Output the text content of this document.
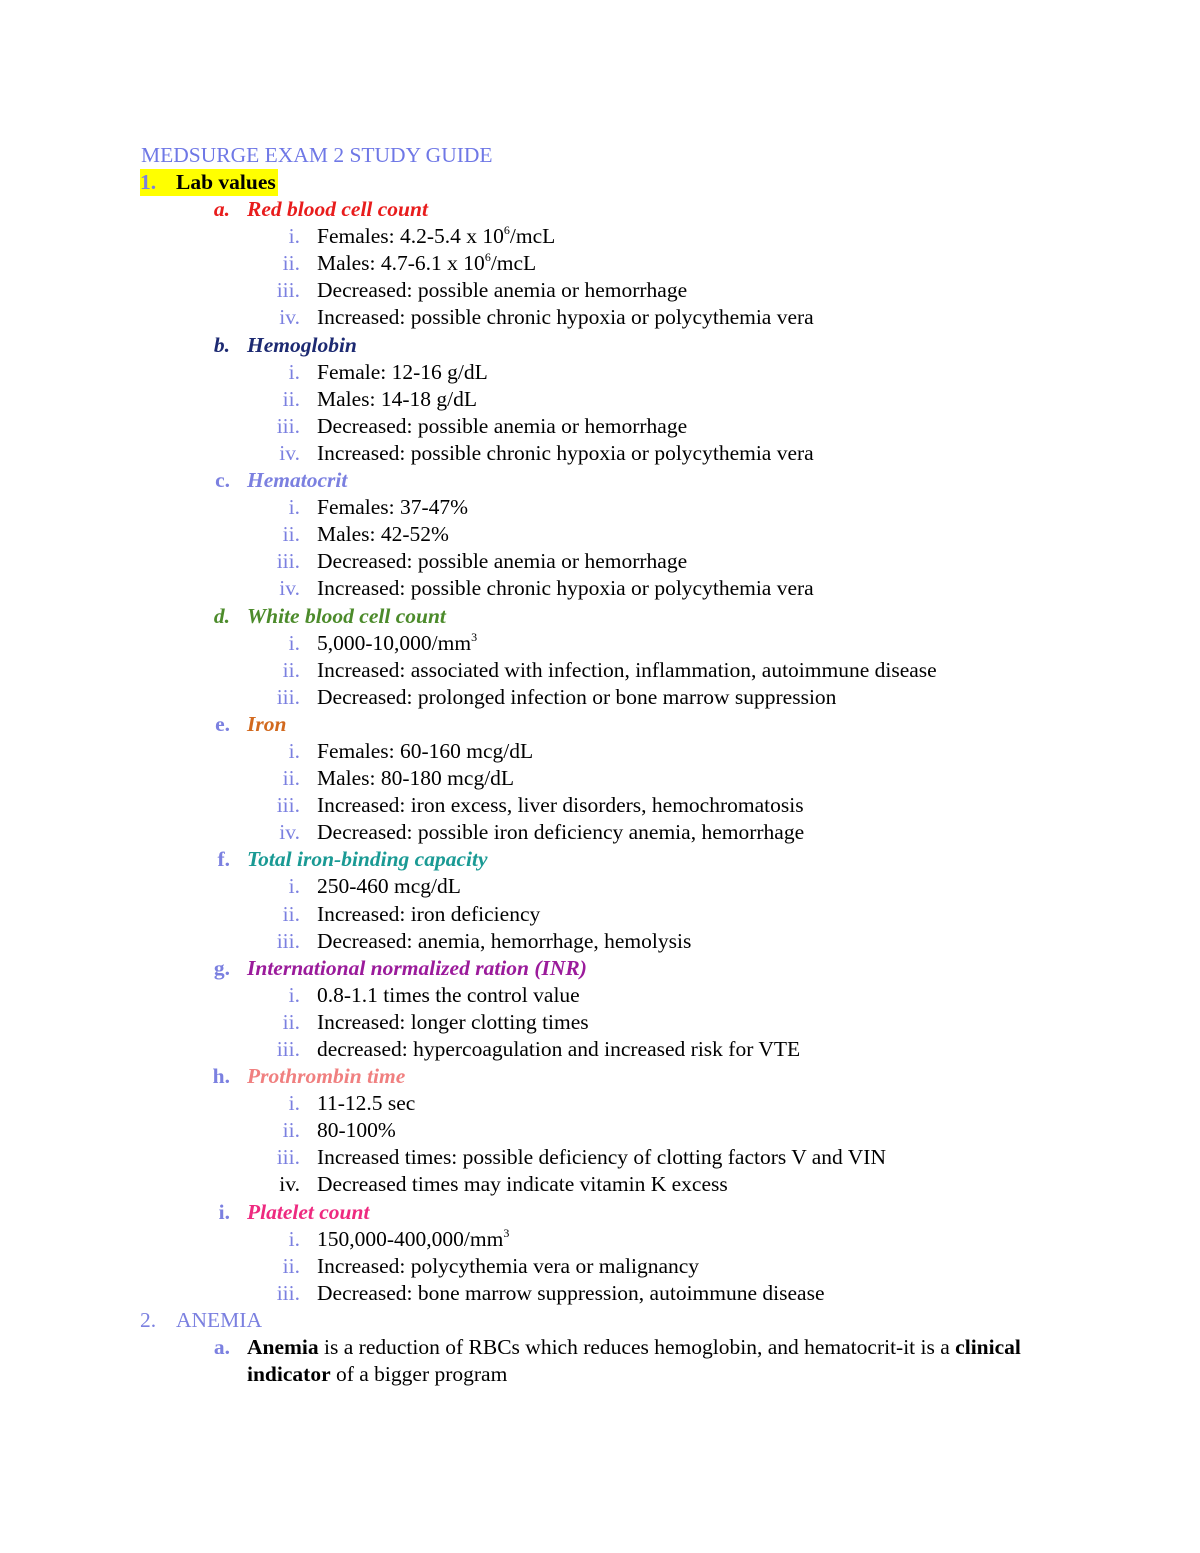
MEDSURGE EXAM 2 STUDY GUIDE
1. Lab values
a. Red blood cell count
i. Females: 4.2-5.4 x $10^6$/mcL
ii. Males: 4.7-6.1 x $10^6$/mcL
iii. Decreased: possible anemia or hemorrhage
iv. Increased: possible chronic hypoxia or polycythemia vera
b. Hemoglobin
i. Female: 12-16 g/dL
ii. Males: 14-18 g/dL
iii. Decreased: possible anemia or hemorrhage
iv. Increased: possible chronic hypoxia or polycythemia vera
c. Hematocrit
i. Females: 37-47%
ii. Males: 42-52%
iii. Decreased: possible anemia or hemorrhage
iv. Increased: possible chronic hypoxia or polycythemia vera
d. White blood cell count
i. $5,000-10,000/mm^3$
ii. Increased: associated with infection, inflammation, autoimmune disease
iii. Decreased: prolonged infection or bone marrow suppression
e. Iron
i. Females: 60-160 mcg/dL
ii. Males: 80-180 mcg/dL
iii. Increased: iron excess, liver disorders, hemochromatosis
iv. Decreased: possible iron deficiency anemia, hemorrhage
f. Total iron-binding capacity
i. 250-460 mcg/dL
ii. Increased: iron deficiency
iii. Decreased: anemia, hemorrhage, hemolysis
g. International normalized ration (INR)
i. 0.8-1.1 times the control value
ii. Increased: longer clotting times
iii. decreased: hypercoagulation and increased risk for VTE
h. Prothrombin time
i. 11-12.5 sec
ii. 80-100%
iii. Increased times: possible deficiency of clotting factors V and VIN
iv. Decreased times may indicate vitamin K excess
i. Platelet count
i. $150,000-400,000/mm^3$
ii. Increased: polycythemia vera or malignancy
iii. Decreased: bone marrow suppression, autoimmune disease
2. ANEMIA
a. Anemia is a reduction of RBCs which reduces hemoglobin, and hematocrit-it is a clinical indicator of a bigger program
